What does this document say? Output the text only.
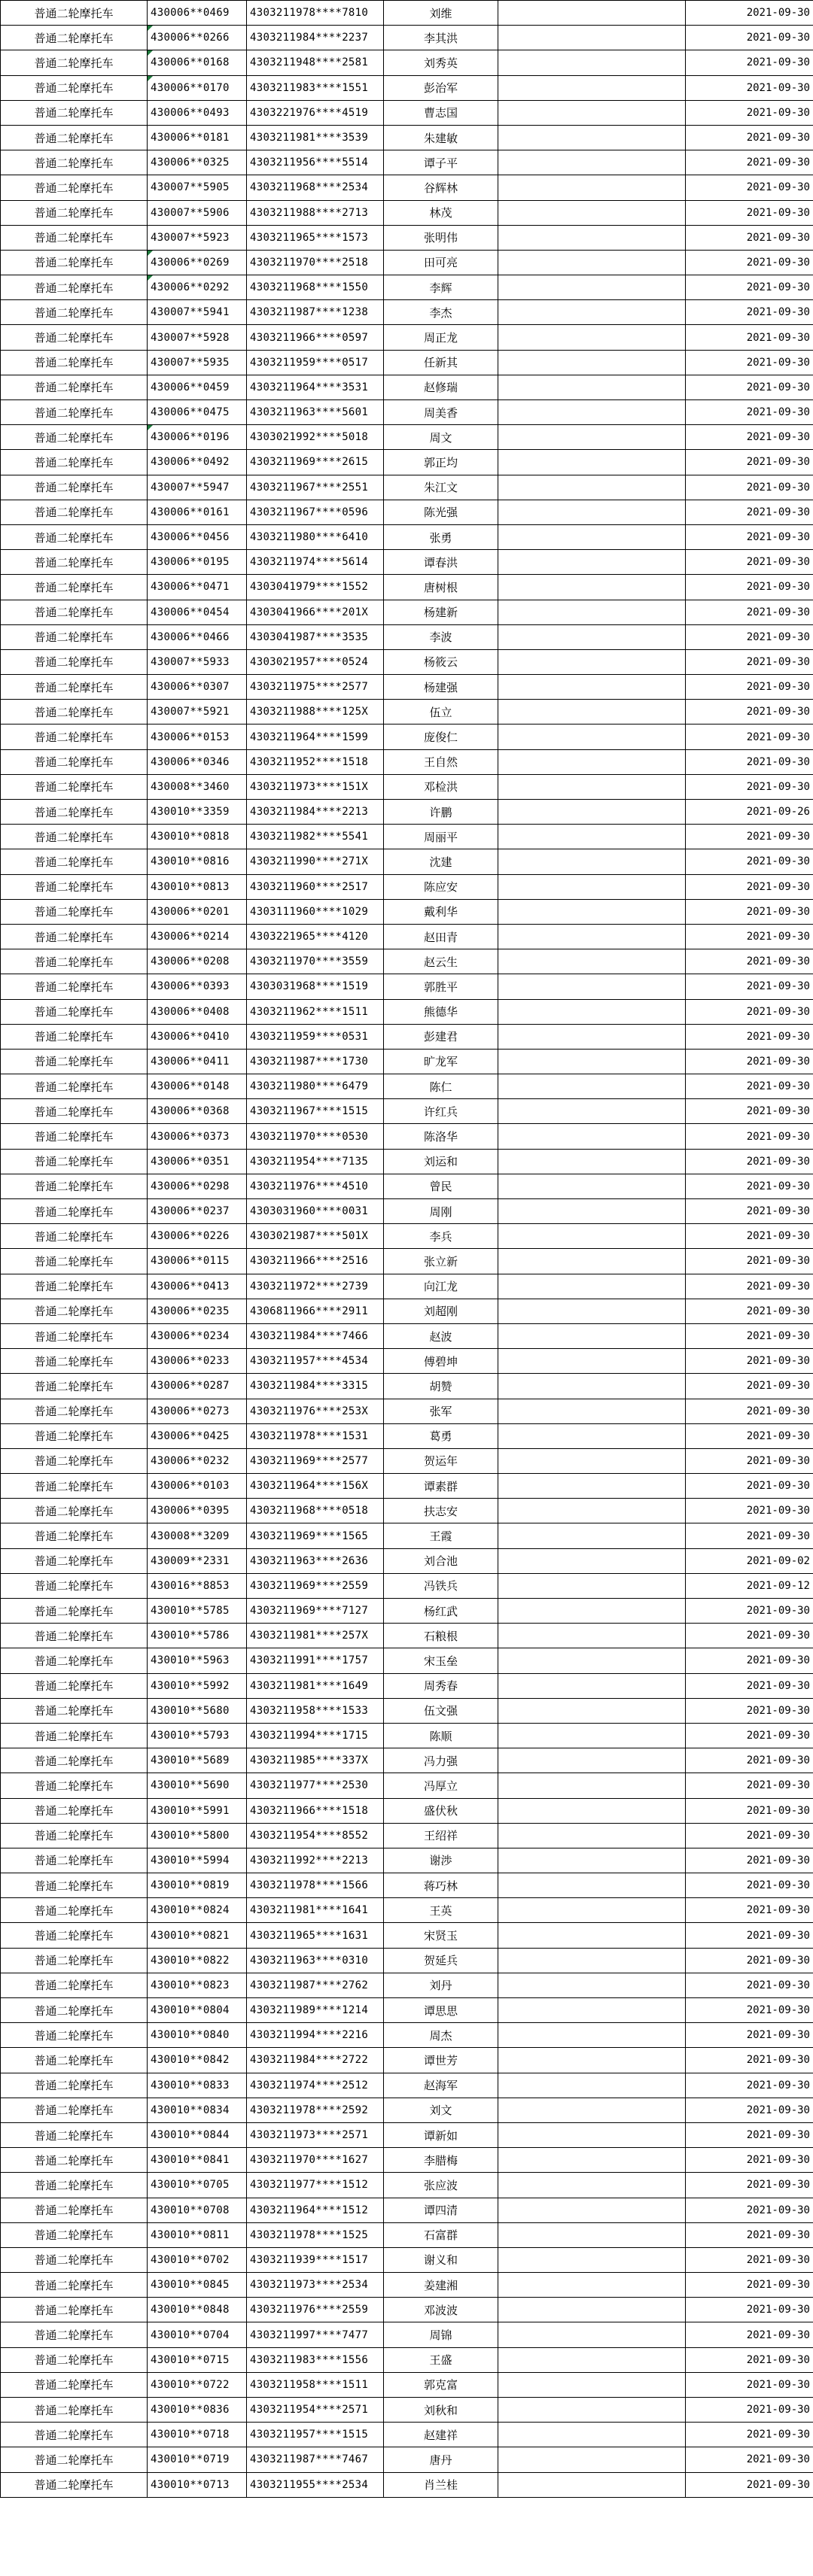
普通二轮摩托车	430006**0469	4303211978****7810	刘维		2021-09-30
普通二轮摩托车	430006**0266	4303211984****2237	李其洪		2021-09-30
普通二轮摩托车	430006**0168	4303211948****2581	刘秀英		2021-09-30
普通二轮摩托车	430006**0170	4303211983****1551	彭治军		2021-09-30
普通二轮摩托车	430006**0493	4303221976****4519	曹志国		2021-09-30
普通二轮摩托车	430006**0181	4303211981****3539	朱建敏		2021-09-30
普通二轮摩托车	430006**0325	4303211956****5514	谭子平		2021-09-30
普通二轮摩托车	430007**5905	4303211968****2534	谷辉林		2021-09-30
普通二轮摩托车	430007**5906	4303211988****2713	林茂		2021-09-30
普通二轮摩托车	430007**5923	4303211965****1573	张明伟		2021-09-30
普通二轮摩托车	430006**0269	4303211970****2518	田可亮		2021-09-30
普通二轮摩托车	430006**0292	4303211968****1550	李辉		2021-09-30
普通二轮摩托车	430007**5941	4303211987****1238	李杰		2021-09-30
普通二轮摩托车	430007**5928	4303211966****0597	周正龙		2021-09-30
普通二轮摩托车	430007**5935	4303211959****0517	任新其		2021-09-30
普通二轮摩托车	430006**0459	4303211964****3531	赵修瑞		2021-09-30
普通二轮摩托车	430006**0475	4303211963****5601	周美香		2021-09-30
普通二轮摩托车	430006**0196	4303021992****5018	周文		2021-09-30
普通二轮摩托车	430006**0492	4303211969****2615	郭正均		2021-09-30
普通二轮摩托车	430007**5947	4303211967****2551	朱江文		2021-09-30
普通二轮摩托车	430006**0161	4303211967****0596	陈光强		2021-09-30
普通二轮摩托车	430006**0456	4303211980****6410	张勇		2021-09-30
普通二轮摩托车	430006**0195	4303211974****5614	谭春洪		2021-09-30
普通二轮摩托车	430006**0471	4303041979****1552	唐树根		2021-09-30
普通二轮摩托车	430006**0454	4303041966****201X	杨建新		2021-09-30
普通二轮摩托车	430006**0466	4303041987****3535	李波		2021-09-30
普通二轮摩托车	430007**5933	4303021957****0524	杨筱云		2021-09-30
普通二轮摩托车	430006**0307	4303211975****2577	杨建强		2021-09-30
普通二轮摩托车	430007**5921	4303211988****125X	伍立		2021-09-30
普通二轮摩托车	430006**0153	4303211964****1599	庞俊仁		2021-09-30
普通二轮摩托车	430006**0346	4303211952****1518	王自然		2021-09-30
普通二轮摩托车	430008**3460	4303211973****151X	邓检洪		2021-09-30
普通二轮摩托车	430010**3359	4303211984****2213	许鹏		2021-09-26
普通二轮摩托车	430010**0818	4303211982****5541	周丽平		2021-09-30
普通二轮摩托车	430010**0816	4303211990****271X	沈建		2021-09-30
普通二轮摩托车	430010**0813	4303211960****2517	陈应安		2021-09-30
普通二轮摩托车	430006**0201	4303111960****1029	戴利华		2021-09-30
普通二轮摩托车	430006**0214	4303221965****4120	赵田青		2021-09-30
普通二轮摩托车	430006**0208	4303211970****3559	赵云生		2021-09-30
普通二轮摩托车	430006**0393	4303031968****1519	郭胜平		2021-09-30
普通二轮摩托车	430006**0408	4303211962****1511	熊德华		2021-09-30
普通二轮摩托车	430006**0410	4303211959****0531	彭建君		2021-09-30
普通二轮摩托车	430006**0411	4303211987****1730	旷龙军		2021-09-30
普通二轮摩托车	430006**0148	4303211980****6479	陈仁		2021-09-30
普通二轮摩托车	430006**0368	4303211967****1515	许红兵		2021-09-30
普通二轮摩托车	430006**0373	4303211970****0530	陈洛华		2021-09-30
普通二轮摩托车	430006**0351	4303211954****7135	刘运和		2021-09-30
普通二轮摩托车	430006**0298	4303211976****4510	曾民		2021-09-30
普通二轮摩托车	430006**0237	4303031960****0031	周刚		2021-09-30
普通二轮摩托车	430006**0226	4303021987****501X	李兵		2021-09-30
普通二轮摩托车	430006**0115	4303211966****2516	张立新		2021-09-30
普通二轮摩托车	430006**0413	4303211972****2739	向江龙		2021-09-30
普通二轮摩托车	430006**0235	4306811966****2911	刘超刚		2021-09-30
普通二轮摩托车	430006**0234	4303211984****7466	赵波		2021-09-30
普通二轮摩托车	430006**0233	4303211957****4534	傅碧坤		2021-09-30
普通二轮摩托车	430006**0287	4303211984****3315	胡赞		2021-09-30
普通二轮摩托车	430006**0273	4303211976****253X	张军		2021-09-30
普通二轮摩托车	430006**0425	4303211978****1531	葛勇		2021-09-30
普通二轮摩托车	430006**0232	4303211969****2577	贺运年		2021-09-30
普通二轮摩托车	430006**0103	4303211964****156X	谭素群		2021-09-30
普通二轮摩托车	430006**0395	4303211968****0518	扶志安		2021-09-30
普通二轮摩托车	430008**3209	4303211969****1565	王霞		2021-09-30
普通二轮摩托车	430009**2331	4303211963****2636	刘合池		2021-09-02
普通二轮摩托车	430016**8853	4303211969****2559	冯铁兵		2021-09-12
普通二轮摩托车	430010**5785	4303211969****7127	杨红武		2021-09-30
普通二轮摩托车	430010**5786	4303211981****257X	石粮根		2021-09-30
普通二轮摩托车	430010**5963	4303211991****1757	宋玉垒		2021-09-30
普通二轮摩托车	430010**5992	4303211981****1649	周秀春		2021-09-30
普通二轮摩托车	430010**5680	4303211958****1533	伍文强		2021-09-30
普通二轮摩托车	430010**5793	4303211994****1715	陈顺		2021-09-30
普通二轮摩托车	430010**5689	4303211985****337X	冯力强		2021-09-30
普通二轮摩托车	430010**5690	4303211977****2530	冯厚立		2021-09-30
普通二轮摩托车	430010**5991	4303211966****1518	盛伏秋		2021-09-30
普通二轮摩托车	430010**5800	4303211954****8552	王绍祥		2021-09-30
普通二轮摩托车	430010**5994	4303211992****2213	谢渉		2021-09-30
普通二轮摩托车	430010**0819	4303211978****1566	蒋巧林		2021-09-30
普通二轮摩托车	430010**0824	4303211981****1641	王英		2021-09-30
普通二轮摩托车	430010**0821	4303211965****1631	宋贤玉		2021-09-30
普通二轮摩托车	430010**0822	4303211963****0310	贺延兵		2021-09-30
普通二轮摩托车	430010**0823	4303211987****2762	刘丹		2021-09-30
普通二轮摩托车	430010**0804	4303211989****1214	谭思思		2021-09-30
普通二轮摩托车	430010**0840	4303211994****2216	周杰		2021-09-30
普通二轮摩托车	430010**0842	4303211984****2722	谭世芳		2021-09-30
普通二轮摩托车	430010**0833	4303211974****2512	赵海军		2021-09-30
普通二轮摩托车	430010**0834	4303211978****2592	刘文		2021-09-30
普通二轮摩托车	430010**0844	4303211973****2571	谭新如		2021-09-30
普通二轮摩托车	430010**0841	4303211970****1627	李腊梅		2021-09-30
普通二轮摩托车	430010**0705	4303211977****1512	张应波		2021-09-30
普通二轮摩托车	430010**0708	4303211964****1512	谭四清		2021-09-30
普通二轮摩托车	430010**0811	4303211978****1525	石富群		2021-09-30
普通二轮摩托车	430010**0702	4303211939****1517	谢义和		2021-09-30
普通二轮摩托车	430010**0845	4303211973****2534	姜建湘		2021-09-30
普通二轮摩托车	430010**0848	4303211976****2559	邓波波		2021-09-30
普通二轮摩托车	430010**0704	4303211997****7477	周锦		2021-09-30
普通二轮摩托车	430010**0715	4303211983****1556	王盛		2021-09-30
普通二轮摩托车	430010**0722	4303211958****1511	郭克富		2021-09-30
普通二轮摩托车	430010**0836	4303211954****2571	刘秋和		2021-09-30
普通二轮摩托车	430010**0718	4303211957****1515	赵建祥		2021-09-30
普通二轮摩托车	430010**0719	4303211987****7467	唐丹		2021-09-30
普通二轮摩托车	430010**0713	4303211955****2534	肖兰桂		2021-09-30
